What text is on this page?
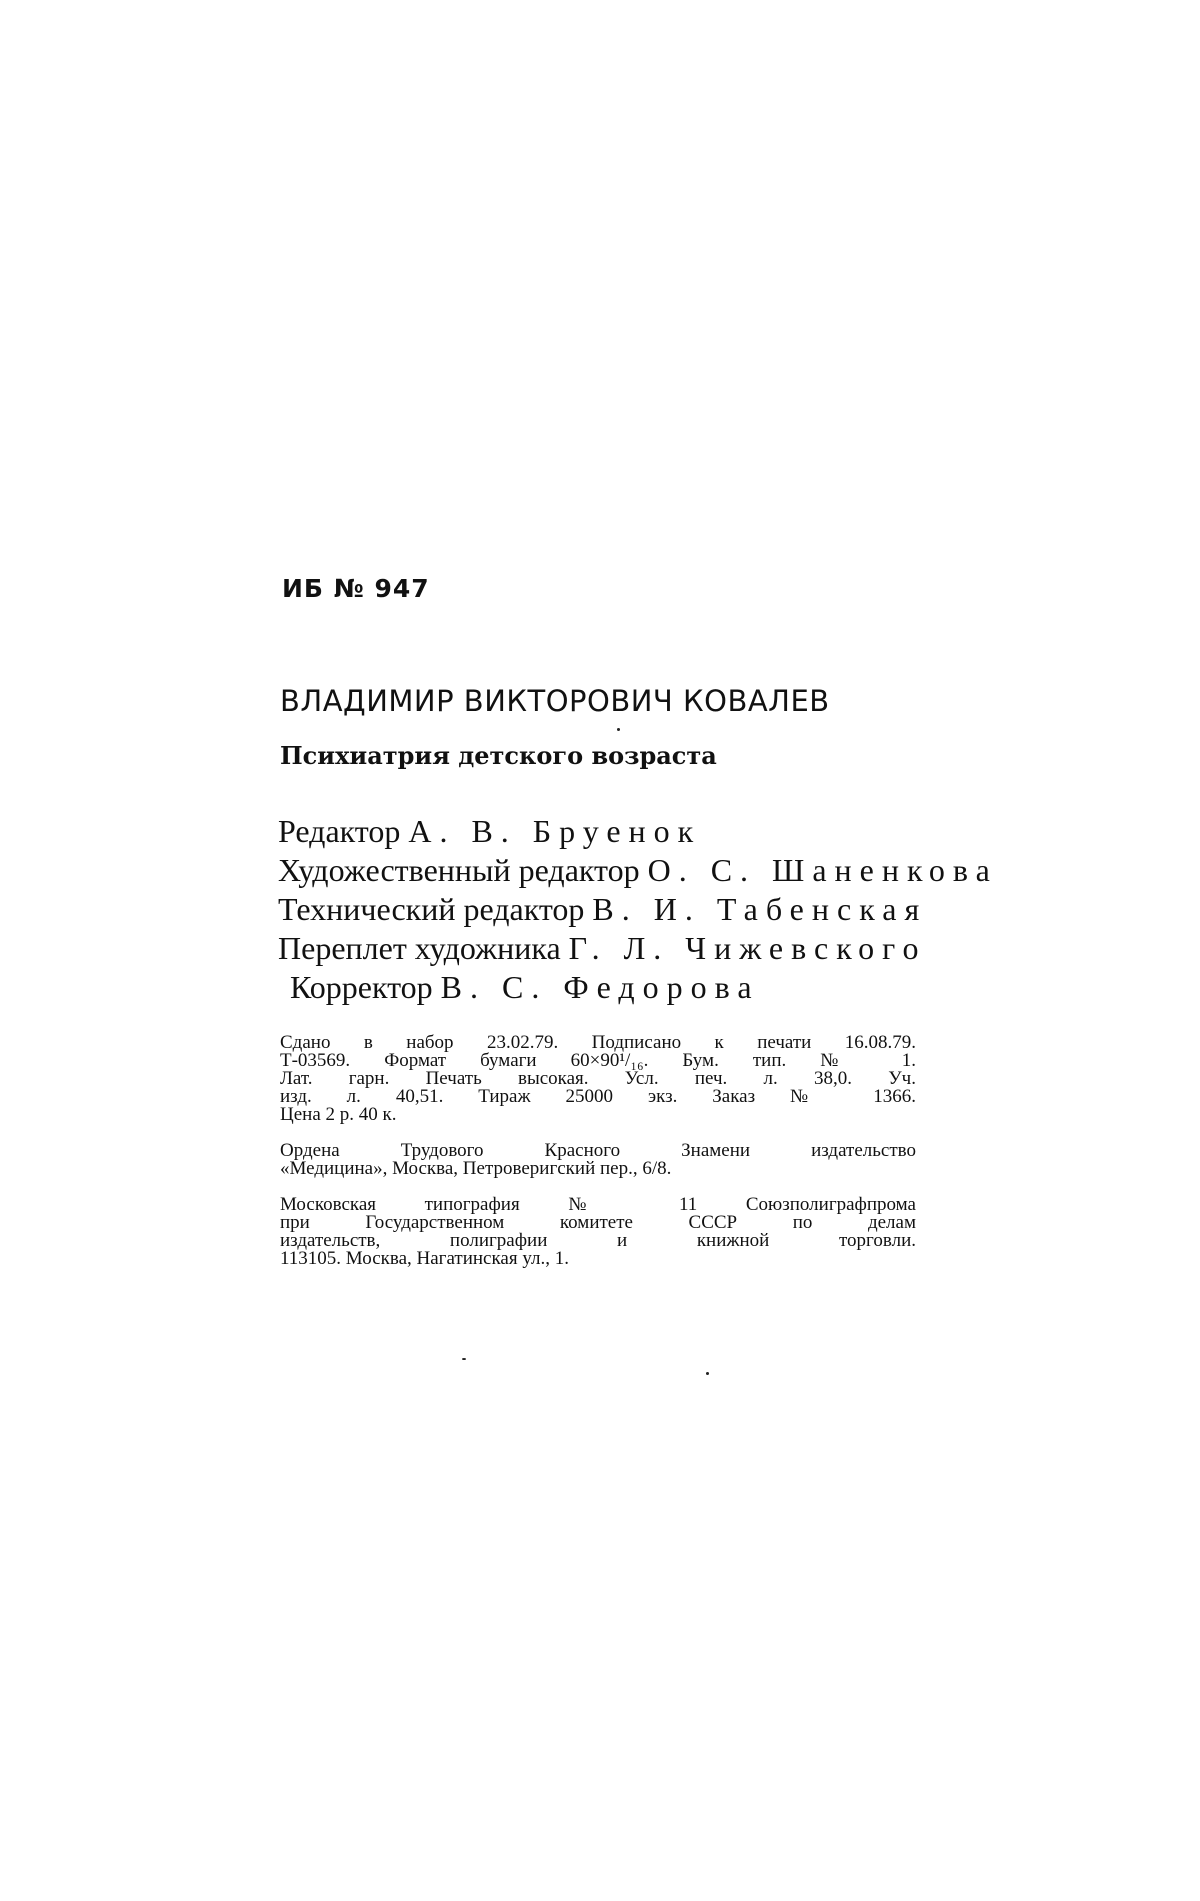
ИБ № 947
ВЛАДИМИР ВИКТОРОВИЧ КОВАЛЕВ
Психиатрия детского возраста
Редактор А. В. Бруенок
Художественный редактор О. С. Шаненкова
Технический редактор В. И. Табенская
Переплет художника Г. Л. Чижевского
Корректор В. С. Федорова

Сдано в набор 23.02.79. Подписано к печати 16.08.79.
Т-03569. Формат бумаги 60×90¹/₁₆. Бум. тип. № 1.
Лат. гарн. Печать высокая. Усл. печ. л. 38,0. Уч.
изд. л. 40,51. Тираж 25000 экз. Заказ № 1366.
Цена 2 р. 40 к.

Ордена Трудового Красного Знамени издательство
«Медицина», Москва, Петроверигский пер., 6/8.

Московская типография № 11 Союзполиграфпрома
при Государственном комитете СССР по делам
издательств, полиграфии и книжной торговли.
113105. Москва, Нагатинская ул., 1.
